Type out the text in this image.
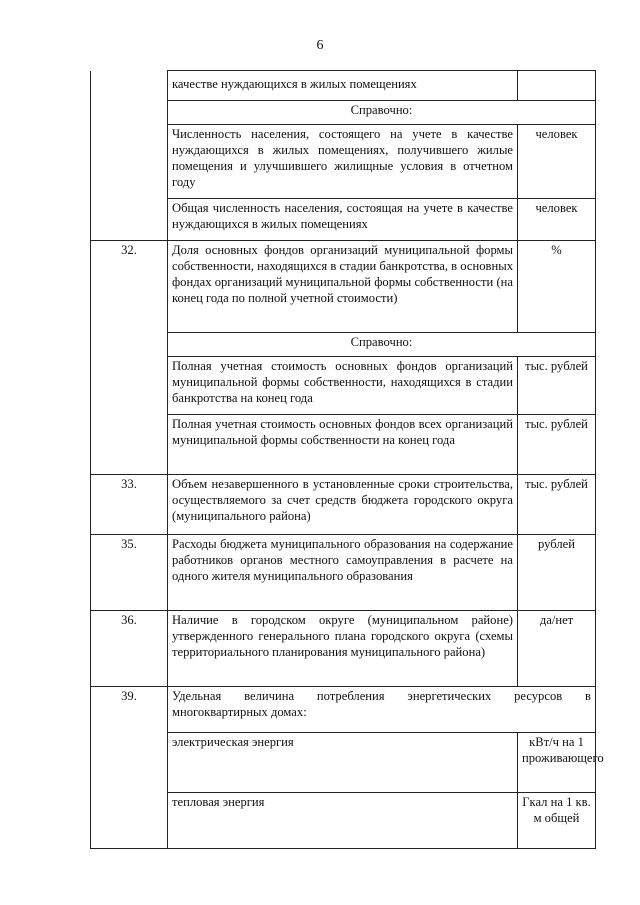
6
	качестве нуждающихся в жилых помещениях	
	Справочно:	
	Численность населения, состоящего на учете в качестве нуждающихся в жилых помещениях, получившего жилые помещения и улучшившего жилищные условия в отчетном году	человек
	Общая численность населения, состоящая на учете в качестве нуждающихся в жилых помещениях	человек
32.	Доля основных фондов организаций муниципальной формы собственности, находящихся в стадии банкротства, в основных фондах организаций муниципальной формы собственности (на конец года по полной учетной стоимости)	%
	Справочно:	
	Полная учетная стоимость основных фондов организаций муниципальной формы собственности, находящихся в стадии банкротства на конец года	тыс. рублей
	Полная учетная стоимость основных фондов всех организаций муниципальной формы собственности на конец года	тыс. рублей
33.	Объем незавершенного в установленные сроки строительства, осуществляемого за счет средств бюджета городского округа (муниципального района)	тыс. рублей
35.	Расходы бюджета муниципального образования на содержание работников органов местного самоуправления в расчете на одного жителя муниципального образования	рублей
36.	Наличие в городском округе (муниципальном районе) утвержденного генерального плана городского округа (схемы территориального планирования муниципального района)	да/нет
39.	Удельная величина потребления энергетических ресурсов в многоквартирных домах:	
	электрическая энергия	кВт/ч на 1 проживающего
	тепловая энергия	Гкал на 1 кв. м общей
